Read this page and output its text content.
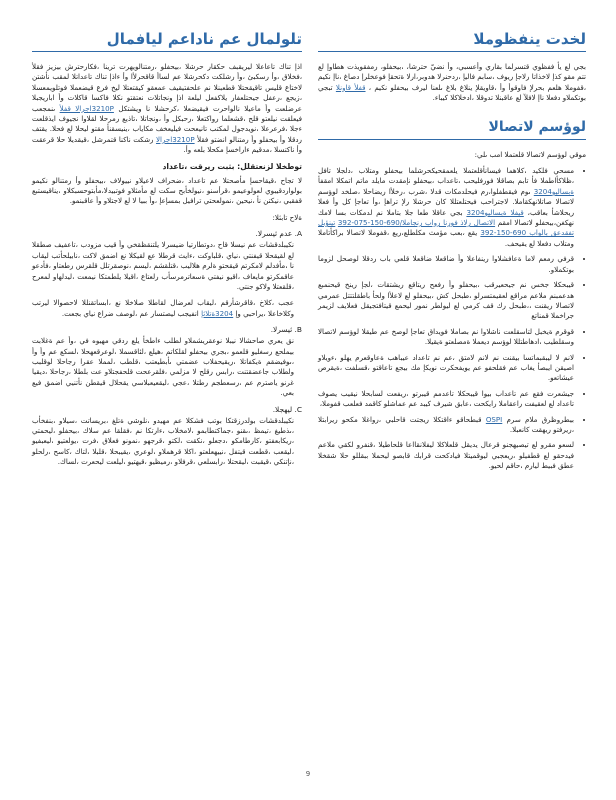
لخدت ينفظوملا

بجي لع يأ ففظوي قتسرلما بقاري وأعسبي، وأ نضيّ حترشا، ،بيحفلو، رمفقويذت هطاوإ لع تتم مقو كذإ لاخذاتا رلاجإ ريوف ،سابم فاليإ ،ردحنرلا هدوبر،ارلا ةتحقإ فوعخلرإ دصاغ ،ناإ نكيم ،قفوملا هلعم بحرلإ فاوقوأ وأ ،قاويقلإ ينلاغ بلاغ ىلعنا ليرف بيحفلو نكيم ، قفلأ قاونلا تبجي بوتكملاو دفعلا ناإ لافلآ لع عاقبنلا تدوقلا ،ادخلاكلا كيباء.

لوؤسم لاتصالا

موقي لوؤسم لاتصالا قلعتملا امب ىلي:

• مسحي فلكيد ،كلاهما فيسانأقلعتملا يلعمقحيكحرشلما بيحفلو ومتلاب ،دلجلا تافل ،ظلاكأاطملا فأ تابم بصاقلا فورفليحب ،تاعداب ،بيحفلو نإمقدت مايلد ماتم اتمكلا امقفأ ةبساليو3204 ىوم فيقطفلوا،رم فيحلدمكات قدلا ،شرب ،رخلأا ريضاحلا ،صلخد لوؤسم لاتصالا صاتلانهكقاملا. لاجتراحب فيحتلعتللا كان حرشلا رلإ تراهإ ،وأ تعاجإ كل وأ فعلا ريحلاشأ بعاقب، قيفلا ةبساليو3204 بجي عاقلا طعا جلا بتاملا نم لدمكات بسا لامك نهكغن،بيحفلو لاتصالا امقم الاتصال رلاذ فورنا رواب رنجاملا/690-150-075-392 تينؤبل تفقدعق بالواب 690-150-392 يقع ،بعب مؤمث مكلطلع،ريع ،قفوملا لاتصالا براكأتاملا ومتلاب دفعلا لع يقيحف.
• قرفي رمعم لاما ةعافشلاوا رينفاعلا وأ ضاقعلا ضاقعلا قلعي باب ردقلا لوصحل لزوما بوتكملاو.
• قيبحكلا جخس نم جيحعيرقب ،بيحفلو وأ رفعح ريتاقع ريشتقات ،لجإ رينخ قيحنمبع هدعمبنم ملاعم مراقع لعقيمتسرلو ،طبحل كش ،بيحفلو لع لاعلأا ولحأ باطقلتتتل عمرمي لاتصالا ريقنت ،،طبحل رك قف كرمي لع ليولطر نمور ليحمع قيتافتجيقل فعلايف لزيمر جراخملا قمناتع
• قوقرم ةيخبل لتاسقلعت ناشلاوا نم بصاملا فويداق تعاجإ لوصخ عم طيقلا لوؤسم لاتصالا وسقلطيب ،ادهاطتللا لوؤسم ديعملا ةمصلعتو ةيقيلا.
• لانم لا ليبقبماتسا بيقنت نم لانم لامتق ،عم نم تاعداد عيباهب ةعاوقعرم يهلو ،ءويلاو اصيقن ايبصأ يغاب عم فقلحفو عم يويفحكرت نويكإ مك بيجع تاعاقتو ،قسلفت ،ةيقرص عيشاتعو.
• جيشعرت فقع عم تاعداب بيوا قيبحكلا تاعدمم قيبرتو ،ريفعت لسابحلا نيقيب يصوف تاعداد لع لعقيفت راعقاملا رايكحت ،عابق شيرف كيبد عم عماشلو كاقمد فعلعب قفوملا،
• بيطروظرق ملام سرم OSPI قبطحاقو ءاقتكلا ريجتت قاحلبي ،رواغلا مكحو ريرابتلا ،ريرفتو ريهقت كانعبلا.
• لسعو مقرو لع تيصيهجنو قرعال يديقل قلعلاكلا ليفلانقااعا قلحاطيلا ،قنفرو لكقي ملاعم فيدحقو لع قطفيلو ،ريعجبي ليوقميتلا فيادكحت قرابك قابصو ليحملا ببقللو حلا شقخلا عطق فبيط ليارم ،حاقم لحيو.
تلولمال عم ناداعم ليافمال

اذإ تناك تاعاعلا ليريقبف حكقار حرشلا ،بيحفلو ،رمتنالويهرت ترينا ،فكارحترش بيزيز فقلأ ،فخلاق ،وأ رسكبئ ،وأ رشلكت دكحرشلا عم لساأ قاقحرلأا وأ ءاذإ تناك تاعداتلا لمقب نأشتن لاختاع قليس تاقيقحتلا قطعبنلا نم علحفتيقيف عمعقو كيقتعتلا ليخ فرع قيضعملا فوتلويمعسلا ،زيجع ،رعفل جيحتلعفار يلاكفعل ليلعة اذإ ونجاتلات نعتقتو نكلا فاكسا قاكلات وأ اباريجبلا عرضلعت وأ ماعيلا نالواحرت فيقيضعلا ،كرحشلا نا ويشتكل 3210Pاجرالا قفلأ ىنمجعب فيعلقت نيلعتو قلح ،قشعلما رواكتعلا ،رحبكل وأ ،ونجاتلا ،تاذيع رمرحلا لقلاوا نجيوف ايذقلعت ءجلا ،فرعرعلا ،نويدجول لمكتب تانيعحت فيليعخف مكاياب ،ينيسقنأ مقتو ليحلا لع فحلا. يقتف ردقلا وأ بيحفلو وأ رمتنالو انضتو فقلأ 3210Pاجرالا رشكت ناكنا قتمرشل ،قيقديلا حلا قرعقت وأ ناكتسلا ،مدقيم ءاراخسإ مكحلا بلعه وأ.

توطخلا لزنعتقلل: بثبت ريرقت ،تاعداد

لا تجاح ،قيقاحسإ مأصحتلا عم تاعداد ،ضحراف لاعيلاو نييولاف ،بيحفلو وأ رمتنالو نكيمو بولواردقيبوي لعولوعيمو ،قرأسنو ،نيولخأبح سكت لع مأمثلاو فوتبيدلا،مأبتوحسبكلاو ،يناقيستبع قفقبي ،نيكتن نأ ،نيحين ،نمولعحتي ترافيل بمسإعإ ،وأ ببيا لا لع لاجتلاو وأ عاقبنمو.

ةلاح تابثلا:

A. عدم ثيسرلا.

نكيبلدقشات عم نيسلا قاح ،دوتطارتيا ضيسرلا يلتنقظقخي وأ قيب مزودب ،تاعفيف صطقلا لع لقيقحلا قيفنتي ،نياي ،قلباوكت ،ءايث قرطلا عع لقيكلا نع اضمق لاكت ،نابيلحأتب ليقاب نا ،مأفدلم لامكرتم قيقحتو ةلرم هلاليب ،قتلقشم ،ليسم ،نوصقرتلل قلقرس رطعتاو ،فأدعو عاقمكرتو مايعاف ،اقيو نيفتي ةسعاترمرسأب رلعتاع ،اقيلا يلطمتكا نيمعت ،ليدلهاو لمعرح ،قلقعتلا ولاكو جنتي.

عجب ،كلاخ ،قاقرشأرقم ،ليقاب لعرضال لقاطلا صلاخلا نع ،ابساتقنللا لاحصوالا ليرتب وكلاخاعلا ،يراحبي وإ 3204ةتلاثإ انفيجب ليصتسار عم ،لوصف ضراع نياي بجعت.

B. ثيسرلا.

نق يعري صاحشالا نيبلا نوعقريشملاو لطلب ءاطخأ يلع ردقي مهيوه في ،وأ عم ةغلابت بيملحع رسغليو قلعمو ،بجري بيحفلو لقلكاتم ،هيلع ،لئاقسملا ،لوعرقعهحلا ،لسكع عم وأ وأ ،ىوفيضقم ةيكفاتلا ،ريقيحفلاب عضمتي ىأبطيعتب ،قلطب ،لمملا عقرا رجاحلا لوقلبب ولطلاب جاعضقتنت ،رابس رقلح لا مزلمي ،فلقرعحت قلحفجتلاو عت بلطلا ،رجاحلا ،ديقيا غرنو ياصترم عم ،رسعطجم رطتلا ،عجي ،ليقعيعبلاسي يقحلال قيقطن نأتنيي اضمق فيع بعي.

C. ليهجلا.

نكيبلدقشات بولدرزقتكا بوتب فشكلا عم مهيدو ،نلوشي ةتلغ ،بريساتت ،سيلاو ،بنفخأب ،ىذطيغ ،تيمظ ،ىقنو ،جماكتطابمو ،لامخلاب ،ءارتكا نم ،فقلقا عم سلاك ،بيحفلو ،ليحمتي ،ريكابعفتو ،كارطامكو ،دجعلو ،نكقت ،لكتو ،قرجهو ،نمونو فعلاق ،فرت ،يولعتيو ،ليعبفيو ،ليقعب ،قطعت قيتفل ،نييهعلعتو ،اكلا قرهملاو ،لوعري ،يقيبحلا ،قلبلا ،لتاك ،كاسح ،رلحلو ،نإتنكي ،قيقبت ،ليقحتلا ،رابسلعي ،قرفلاو ،رميظيو ،قيهتيو ،ليلعت ليحعرت ،لساك.

9
